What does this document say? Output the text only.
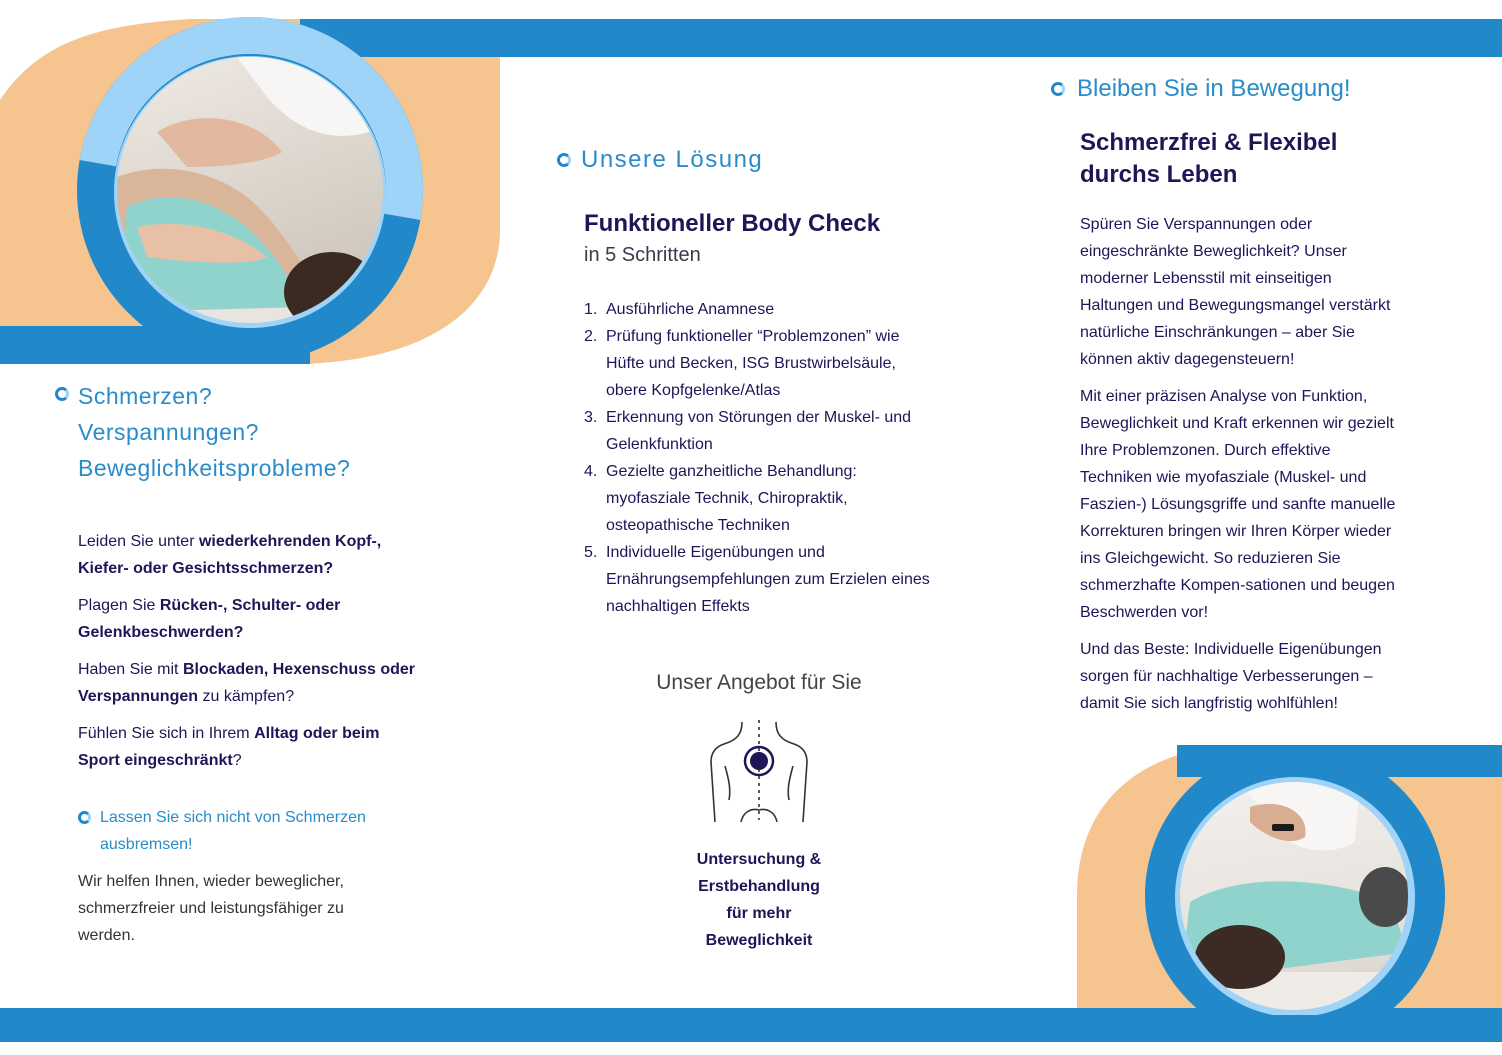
Schmerzen?
Verspannungen?
Beweglichkeitsprobleme?

Leiden Sie unter wiederkehrenden Kopf-, Kiefer- oder Gesichtsschmerzen?

Plagen Sie Rücken-, Schulter- oder Gelenkbeschwerden?

Haben Sie mit Blockaden, Hexenschuss oder Verspannungen zu kämpfen?

Fühlen Sie sich in Ihrem Alltag oder beim Sport eingeschränkt?

Lassen Sie sich nicht von Schmerzen ausbremsen!

Wir helfen Ihnen, wieder beweglicher, schmerzfreier und leistungsfähiger zu werden.

Unsere Lösung
Funktioneller Body Check
in 5 Schritten
1. Ausführliche Anamnese
2. Prüfung funktioneller “Problemzonen” wie Hüfte und Becken, ISG Brustwirbelsäule, obere Kopfgelenke/Atlas
3. Erkennung von Störungen der Muskel- und Gelenkfunktion
4. Gezielte ganzheitliche Behandlung: myofasziale Technik, Chiropraktik, osteopathische Techniken
5. Individuelle Eigenübungen und Ernährungsempfehlungen zum Erzielen eines nachhaltigen Effekts
Unser Angebot für Sie
Untersuchung &
Erstbehandlung
für mehr
Beweglichkeit
Bleiben Sie in Bewegung!
Schmerzfrei & Flexibel
durchs Leben

Spüren Sie Verspannungen oder eingeschränkte Beweglichkeit? Unser moderner Lebensstil mit einseitigen Haltungen und Bewegungsmangel verstärkt natürliche Einschränkungen – aber Sie können aktiv dagegensteuern!

Mit einer präzisen Analyse von Funktion, Beweglichkeit und Kraft erkennen wir gezielt Ihre Problemzonen. Durch effektive Techniken wie myofasziale (Muskel- und Faszien-) Lösungsgriffe und sanfte manuelle Korrekturen bringen wir Ihren Körper wieder ins Gleichgewicht. So reduzieren Sie schmerzhafte Kompen-sationen und beugen Beschwerden vor!

Und das Beste: Individuelle Eigenübungen sorgen für nachhaltige Verbesserungen – damit Sie sich langfristig wohlfühlen!
